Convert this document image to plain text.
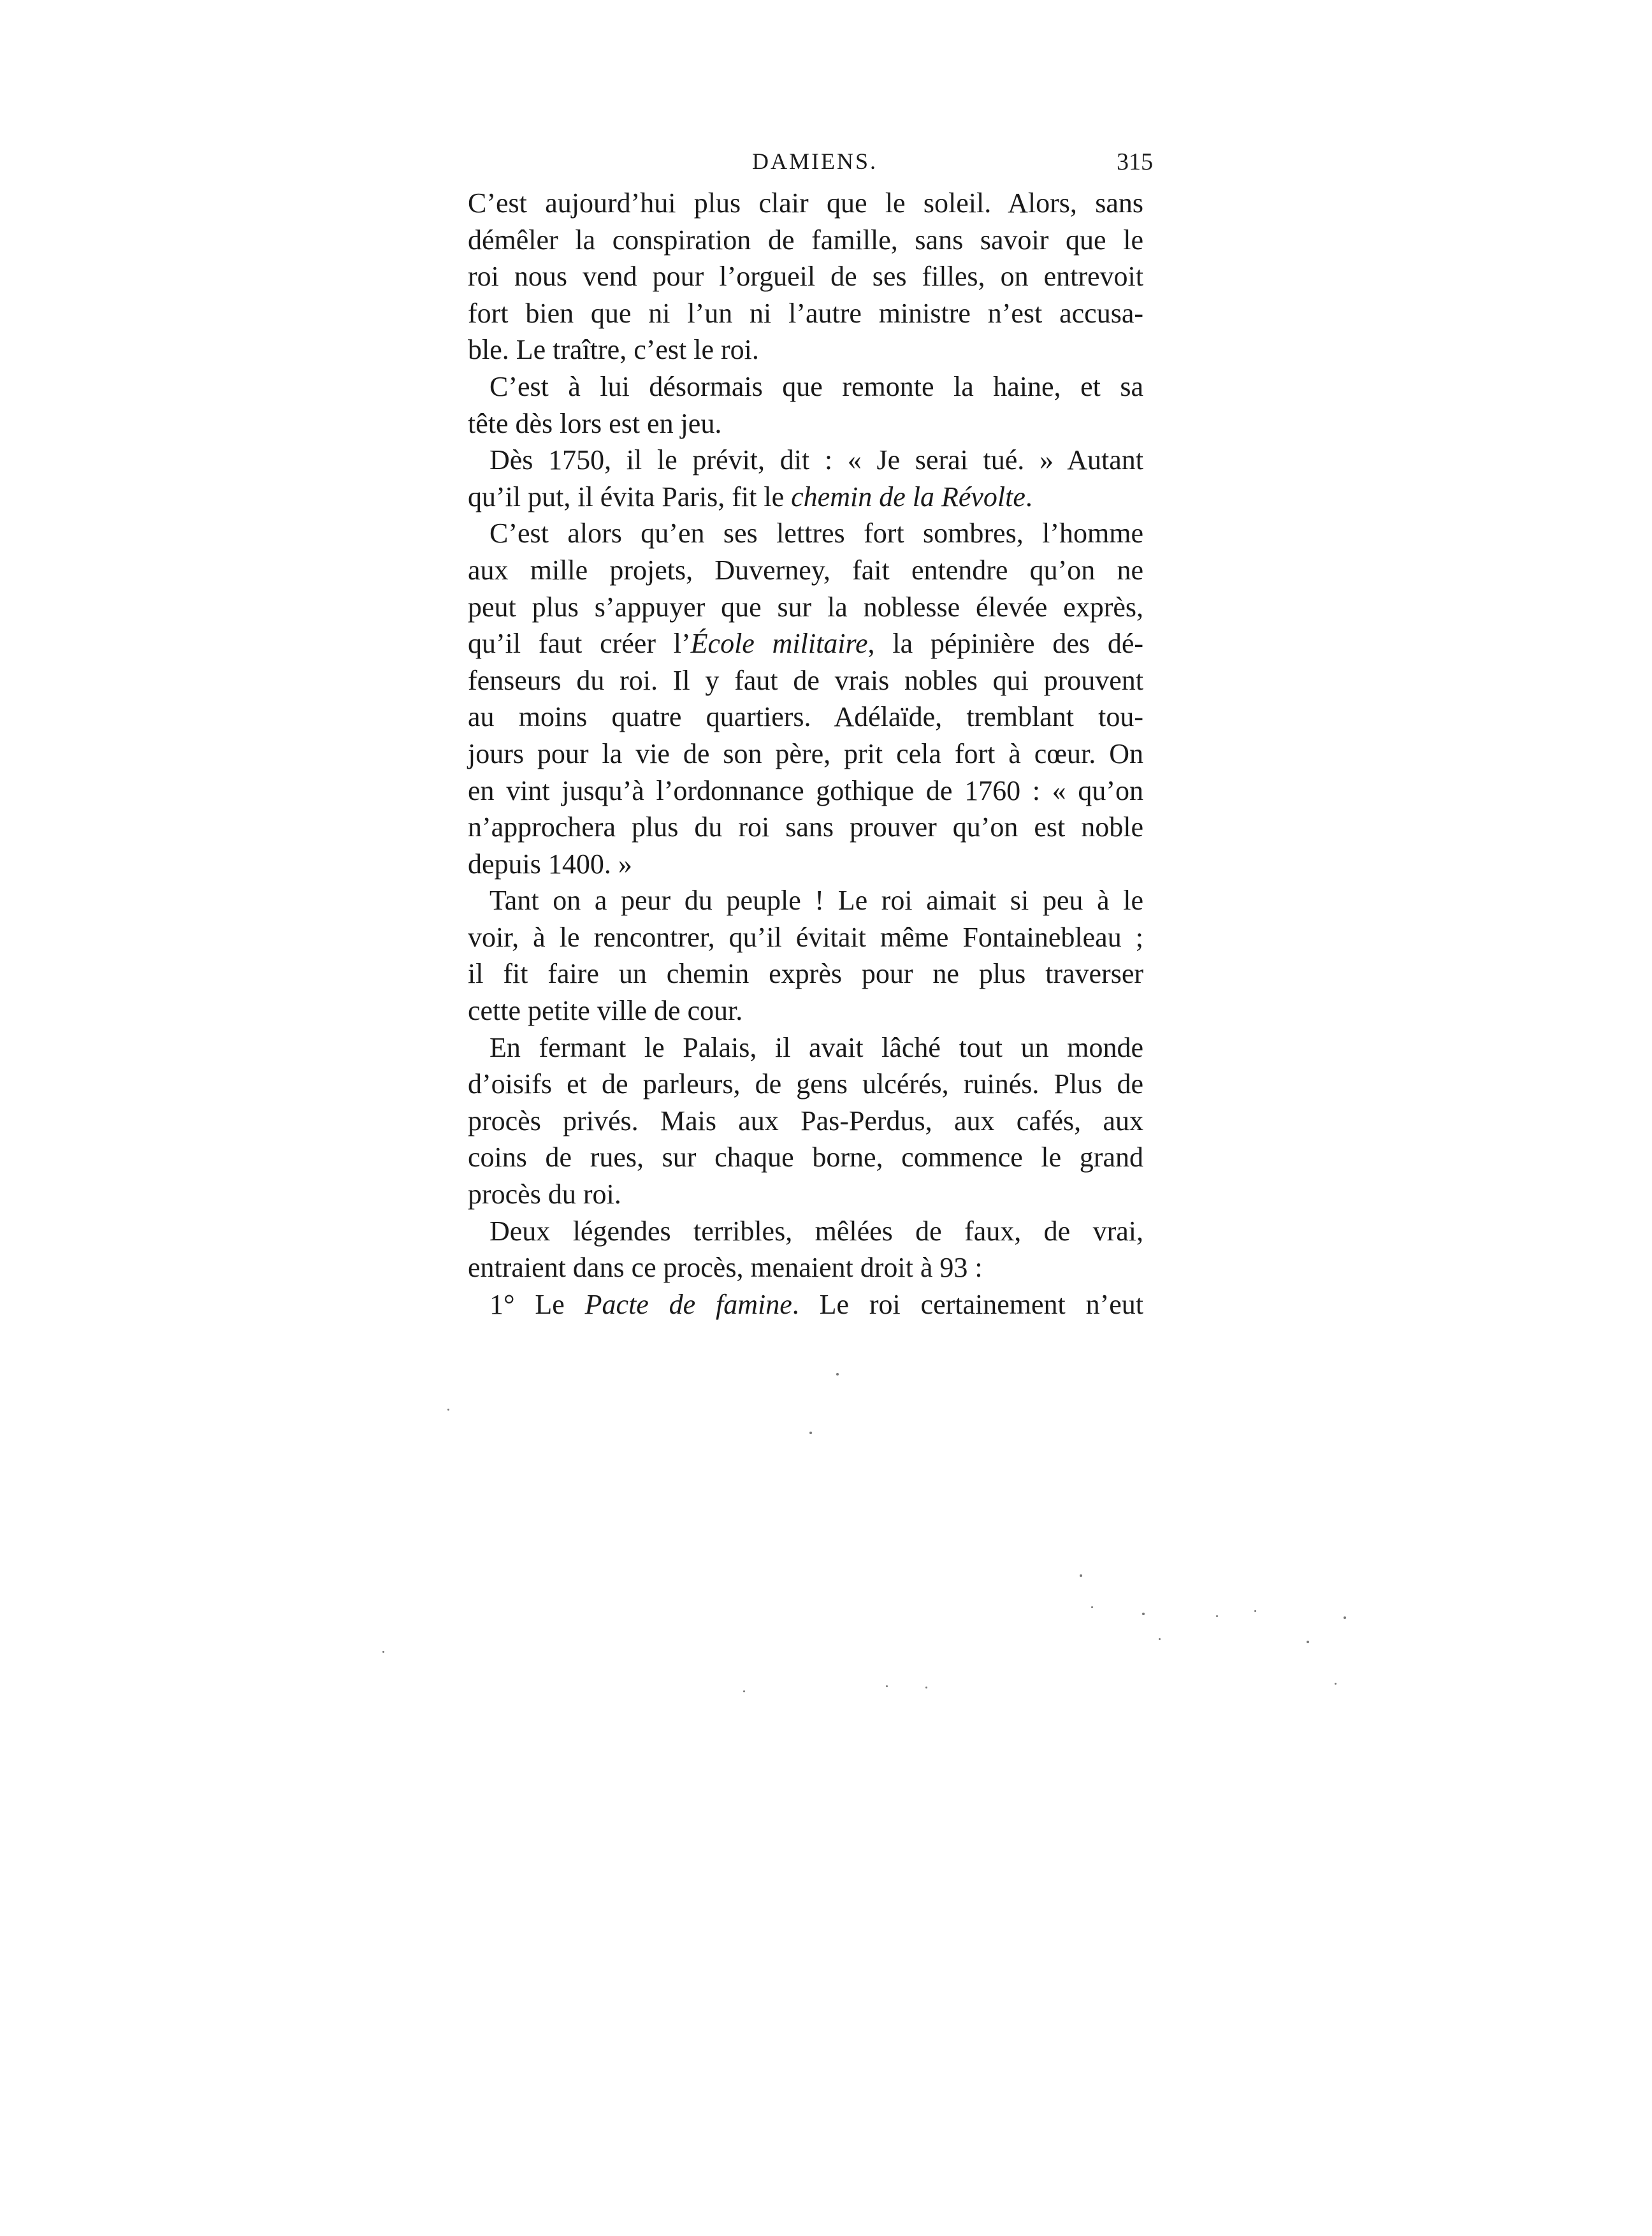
DAMIENS.	315
C’est aujourd’hui plus clair que le soleil. Alors, sans
démêler la conspiration de famille, sans savoir que le
roi nous vend pour l’orgueil de ses filles, on entrevoit
fort bien que ni l’un ni l’autre ministre n’est accusa-
ble. Le traître, c’est le roi.
C’est à lui désormais que remonte la haine, et sa
tête dès lors est en jeu.
Dès 1750, il le prévit, dit : « Je serai tué. » Autant
qu’il put, il évita Paris, fit le chemin de la Révolte.
C’est alors qu’en ses lettres fort sombres, l’homme
aux mille projets, Duverney, fait entendre qu’on ne
peut plus s’appuyer que sur la noblesse élevée exprès,
qu’il faut créer l’École militaire, la pépinière des dé-
fenseurs du roi. Il y faut de vrais nobles qui prouvent
au moins quatre quartiers. Adélaïde, tremblant tou-
jours pour la vie de son père, prit cela fort à cœur. On
en vint jusqu’à l’ordonnance gothique de 1760 : « qu’on
n’approchera plus du roi sans prouver qu’on est noble
depuis 1400. »
Tant on a peur du peuple ! Le roi aimait si peu à le
voir, à le rencontrer, qu’il évitait même Fontainebleau ;
il fit faire un chemin exprès pour ne plus traverser
cette petite ville de cour.
En fermant le Palais, il avait lâché tout un monde
d’oisifs et de parleurs, de gens ulcérés, ruinés. Plus de
procès privés. Mais aux Pas-Perdus, aux cafés, aux
coins de rues, sur chaque borne, commence le grand
procès du roi.
Deux légendes terribles, mêlées de faux, de vrai,
entraient dans ce procès, menaient droit à 93 :
1° Le Pacte de famine. Le roi certainement n’eut
